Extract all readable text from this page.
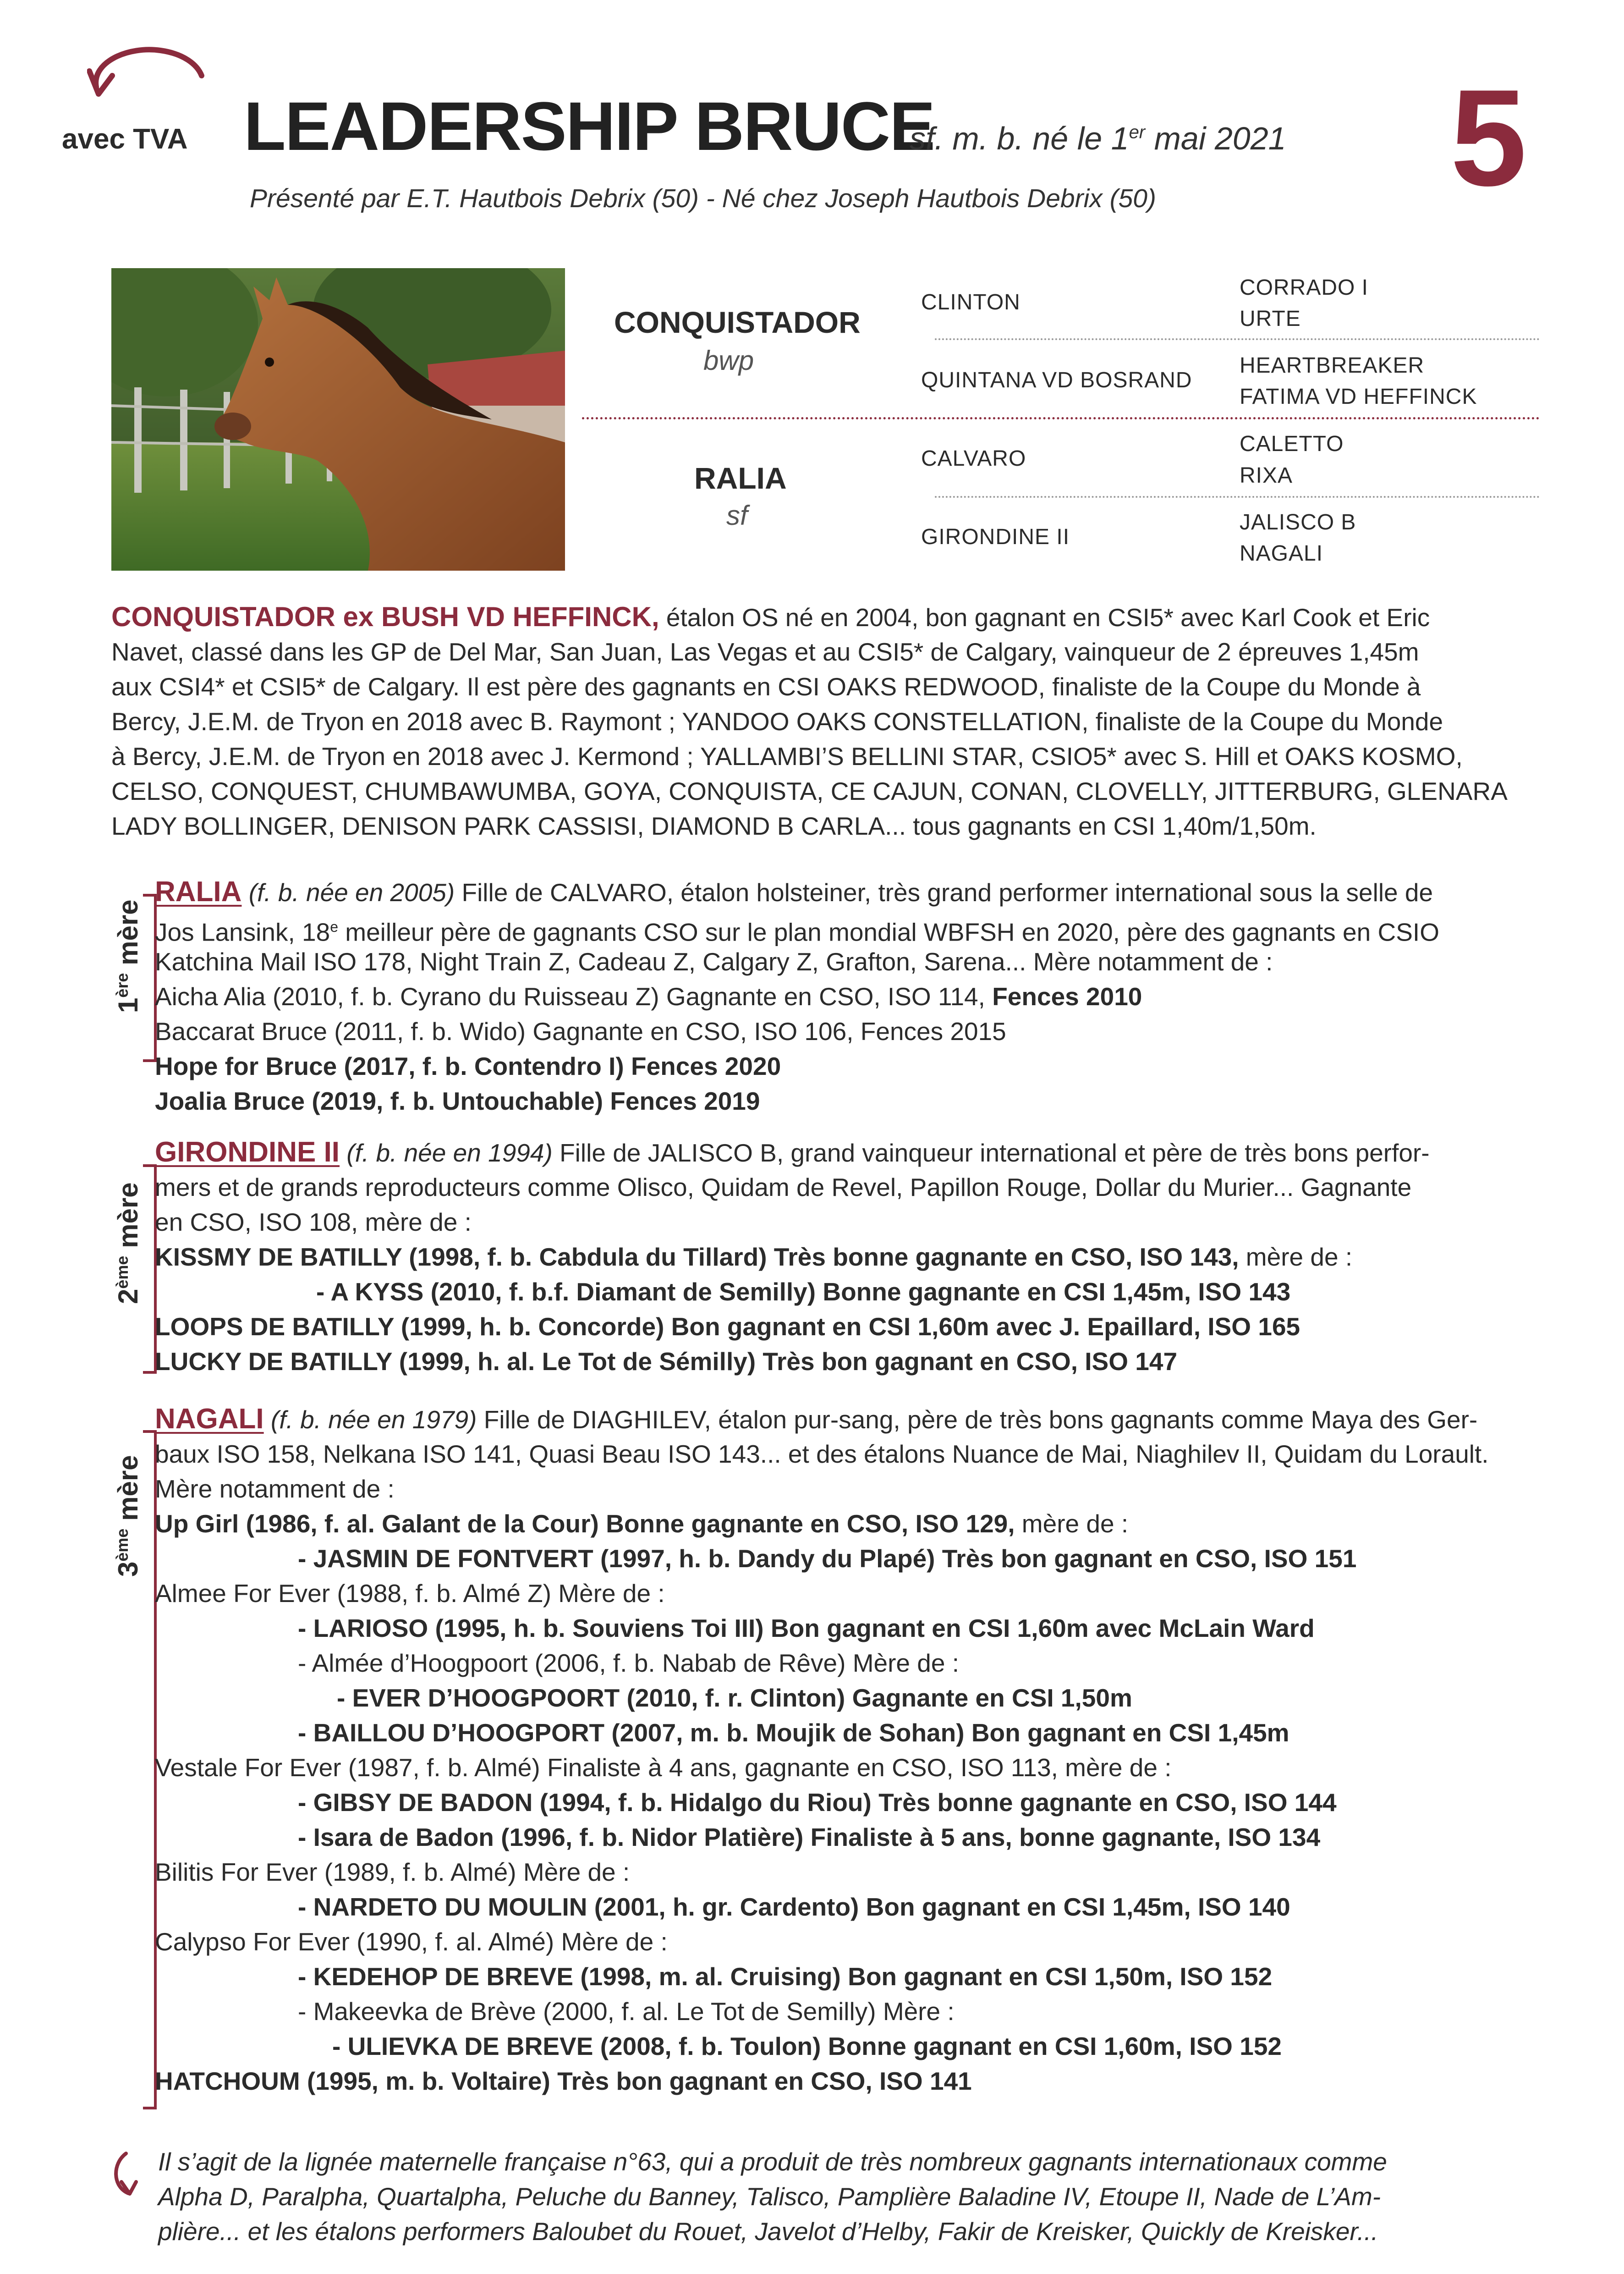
avec TVA LEADERSHIP BRUCE
sf. m. b. né le 1er mai 2021 5
Présenté par E.T. Hautbois Debrix (50) - Né chez Joseph Hautbois Debrix (50)
CONQUISTADOR
bwp
RALIA
sf
CLINTON
QUINTANA VD BOSRAND
CALVARO
GIRONDINE II
CORRADO I
URTE
HEARTBREAKER
FATIMA VD HEFFINCK
CALETTO
RIXA
JALISCO B
NAGALI
CONQUISTADOR ex BUSH VD HEFFINCK, étalon OS né en 2004, bon gagnant en CSI5* avec Karl Cook et Eric
Navet, classé dans les GP de Del Mar, San Juan, Las Vegas et au CSI5* de Calgary, vainqueur de 2 épreuves 1,45m
aux CSI4* et CSI5* de Calgary. Il est père des gagnants en CSI OAKS REDWOOD, finaliste de la Coupe du Monde à
Bercy, J.E.M. de Tryon en 2018 avec B. Raymont ; YANDOO OAKS CONSTELLATION, finaliste de la Coupe du Monde
à Bercy, J.E.M. de Tryon en 2018 avec J. Kermond ; YALLAMBI’S BELLINI STAR, CSIO5* avec S. Hill et OAKS KOSMO,
CELSO, CONQUEST, CHUMBAWUMBA, GOYA, CONQUISTA, CE CAJUN, CONAN, CLOVELLY, JITTERBURG, GLENARA
LADY BOLLINGER, DENISON PARK CASSISI, DIAMOND B CARLA... tous gagnants en CSI 1,40m/1,50m.
1ère mère
RALIA (f. b. née en 2005) Fille de CALVARO, étalon holsteiner, très grand performer international sous la selle de
Jos Lansink, 18e meilleur père de gagnants CSO sur le plan mondial WBFSH en 2020, père des gagnants en CSIO
Katchina Mail ISO 178, Night Train Z, Cadeau Z, Calgary Z, Grafton, Sarena... Mère notamment de :
Aicha Alia (2010, f. b. Cyrano du Ruisseau Z) Gagnante en CSO, ISO 114, Fences 2010
Baccarat Bruce (2011, f. b. Wido) Gagnante en CSO, ISO 106, Fences 2015
Hope for Bruce (2017, f. b. Contendro I) Fences 2020
Joalia Bruce (2019, f. b. Untouchable) Fences 2019
2ème mère
GIRONDINE II (f. b. née en 1994) Fille de JALISCO B, grand vainqueur international et père de très bons perfor-
mers et de grands reproducteurs comme Olisco, Quidam de Revel, Papillon Rouge, Dollar du Murier... Gagnante
en CSO, ISO 108, mère de :
KISSMY DE BATILLY (1998, f. b. Cabdula du Tillard) Très bonne gagnante en CSO, ISO 143, mère de :
- A KYSS (2010, f. b.f. Diamant de Semilly) Bonne gagnante en CSI 1,45m, ISO 143
LOOPS DE BATILLY (1999, h. b. Concorde) Bon gagnant en CSI 1,60m avec J. Epaillard, ISO 165
LUCKY DE BATILLY (1999, h. al. Le Tot de Sémilly) Très bon gagnant en CSO, ISO 147
3ème mère
NAGALI (f. b. née en 1979) Fille de DIAGHILEV, étalon pur-sang, père de très bons gagnants comme Maya des Ger-
baux ISO 158, Nelkana ISO 141, Quasi Beau ISO 143... et des étalons Nuance de Mai, Niaghilev II, Quidam du Lorault.
Mère notamment de :
Up Girl (1986, f. al. Galant de la Cour) Bonne gagnante en CSO, ISO 129, mère de :
- JASMIN DE FONTVERT (1997, h. b. Dandy du Plapé) Très bon gagnant en CSO, ISO 151
Almee For Ever (1988, f. b. Almé Z) Mère de :
- LARIOSO (1995, h. b. Souviens Toi III) Bon gagnant en CSI 1,60m avec McLain Ward
- Almée d’Hoogpoort (2006, f. b. Nabab de Rêve) Mère de :
- EVER D’HOOGPOORT (2010, f. r. Clinton) Gagnante en CSI 1,50m
- BAILLOU D’HOOGPORT (2007, m. b. Moujik de Sohan) Bon gagnant en CSI 1,45m
Vestale For Ever (1987, f. b. Almé) Finaliste à 4 ans, gagnante en CSO, ISO 113, mère de :
- GIBSY DE BADON (1994, f. b. Hidalgo du Riou) Très bonne gagnante en CSO, ISO 144
- Isara de Badon (1996, f. b. Nidor Platière) Finaliste à 5 ans, bonne gagnante, ISO 134
Bilitis For Ever (1989, f. b. Almé) Mère de :
- NARDETO DU MOULIN (2001, h. gr. Cardento) Bon gagnant en CSI 1,45m, ISO 140
Calypso For Ever (1990, f. al. Almé) Mère de :
- KEDEHOP DE BREVE (1998, m. al. Cruising) Bon gagnant en CSI 1,50m, ISO 152
- Makeevka de Brève (2000, f. al. Le Tot de Semilly) Mère :
- ULIEVKA DE BREVE (2008, f. b. Toulon) Bonne gagnant en CSI 1,60m, ISO 152
HATCHOUM (1995, m. b. Voltaire) Très bon gagnant en CSO, ISO 141
Il s’agit de la lignée maternelle française n°63, qui a produit de très nombreux gagnants internationaux comme
Alpha D, Paralpha, Quartalpha, Peluche du Banney, Talisco, Pamplière Baladine IV, Etoupe II, Nade de L’Am-
plière... et les étalons performers Baloubet du Rouet, Javelot d’Helby, Fakir de Kreisker, Quickly de Kreisker...
